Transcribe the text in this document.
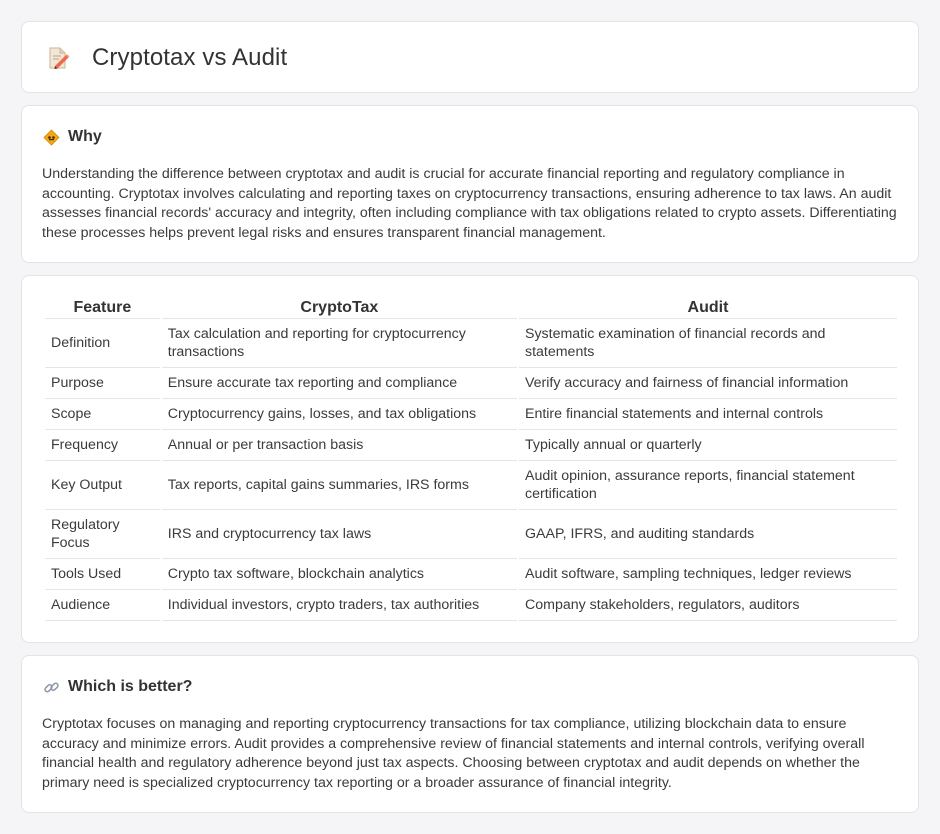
Cryptotax vs Audit
Why

Understanding the difference between cryptotax and audit is crucial for accurate financial reporting and regulatory compliance in accounting. Cryptotax involves calculating and reporting taxes on cryptocurrency transactions, ensuring adherence to tax laws. An audit assesses financial records' accuracy and integrity, often including compliance with tax obligations related to crypto assets. Differentiating these processes helps prevent legal risks and ensures transparent financial management.

Feature	CryptoTax	Audit
Definition	Tax calculation and reporting for cryptocurrency transactions	Systematic examination of financial records and statements
Purpose	Ensure accurate tax reporting and compliance	Verify accuracy and fairness of financial information
Scope	Cryptocurrency gains, losses, and tax obligations	Entire financial statements and internal controls
Frequency	Annual or per transaction basis	Typically annual or quarterly
Key Output	Tax reports, capital gains summaries, IRS forms	Audit opinion, assurance reports, financial statement certification
Regulatory Focus	IRS and cryptocurrency tax laws	GAAP, IFRS, and auditing standards
Tools Used	Crypto tax software, blockchain analytics	Audit software, sampling techniques, ledger reviews
Audience	Individual investors, crypto traders, tax authorities	Company stakeholders, regulators, auditors
Which is better?

Cryptotax focuses on managing and reporting cryptocurrency transactions for tax compliance, utilizing blockchain data to ensure accuracy and minimize errors. Audit provides a comprehensive review of financial statements and internal controls, verifying overall financial health and regulatory adherence beyond just tax aspects. Choosing between cryptotax and audit depends on whether the primary need is specialized cryptocurrency tax reporting or a broader assurance of financial integrity.
